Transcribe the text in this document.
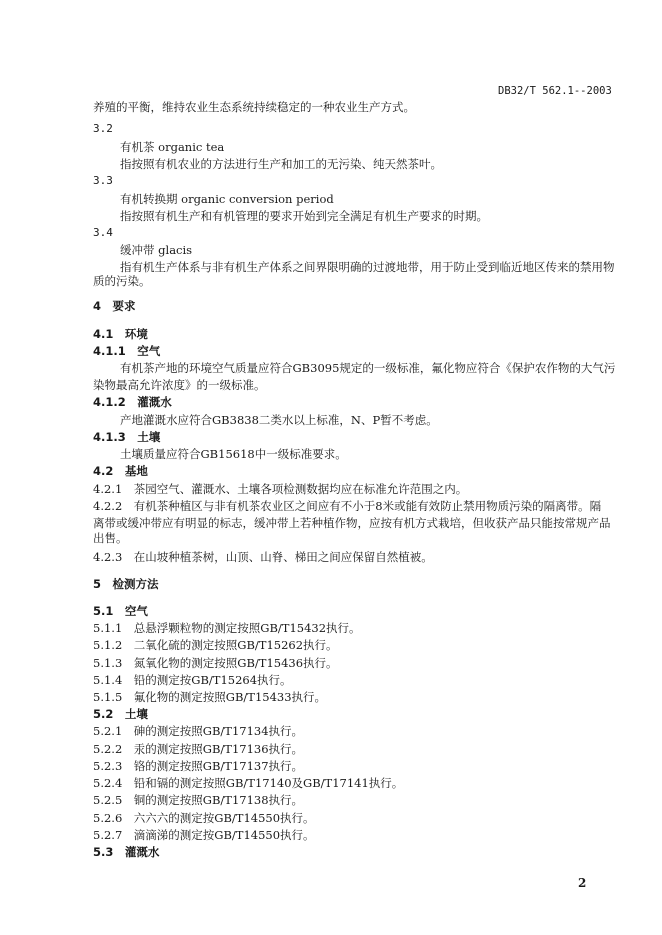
DB32/T 562.1--2003
养殖的平衡，维持农业生态系统持续稳定的一种农业生产方式。
3.2
有机茶 organic tea
指按照有机农业的方法进行生产和加工的无污染、纯天然茶叶。
3.3
有机转换期 organic conversion period
指按照有机生产和有机管理的要求开始到完全满足有机生产要求的时期。
3.4
缓冲带 glacis
指有机生产体系与非有机生产体系之间界限明确的过渡地带，用于防止受到临近地区传来的禁用物
质的污染。
4　要求
4.1　环境
4.1.1　空气
有机茶产地的环境空气质量应符合GB3095规定的一级标准，氟化物应符合《保护农作物的大气污
染物最高允许浓度》的一级标准。
4.1.2　灌溉水
产地灌溉水应符合GB3838二类水以上标准，N、P暂不考虑。
4.1.3　土壤
土壤质量应符合GB15618中一级标准要求。
4.2　基地
4.2.1　茶园空气、灌溉水、土壤各项检测数据均应在标准允许范围之内。
4.2.2　有机茶种植区与非有机茶农业区之间应有不小于8米或能有效防止禁用物质污染的隔离带。隔
离带或缓冲带应有明显的标志，缓冲带上若种植作物，应按有机方式栽培，但收获产品只能按常规产品
出售。
4.2.3　在山坡种植茶树，山顶、山脊、梯田之间应保留自然植被。
5　检测方法
5.1　空气
5.1.1　总悬浮颗粒物的测定按照GB/T15432执行。
5.1.2　二氧化硫的测定按照GB/T15262执行。
5.1.3　氮氧化物的测定按照GB/T15436执行。
5.1.4　铅的测定按GB/T15264执行。
5.1.5　氟化物的测定按照GB/T15433执行。
5.2　土壤
5.2.1　砷的测定按照GB/T17134执行。
5.2.2　汞的测定按照GB/T17136执行。
5.2.3　铬的测定按照GB/T17137执行。
5.2.4　铅和镉的测定按照GB/T17140及GB/T17141执行。
5.2.5　铜的测定按照GB/T17138执行。
5.2.6　六六六的测定按GB/T14550执行。
5.2.7　滴滴涕的测定按GB/T14550执行。
5.3　灌溉水
2
